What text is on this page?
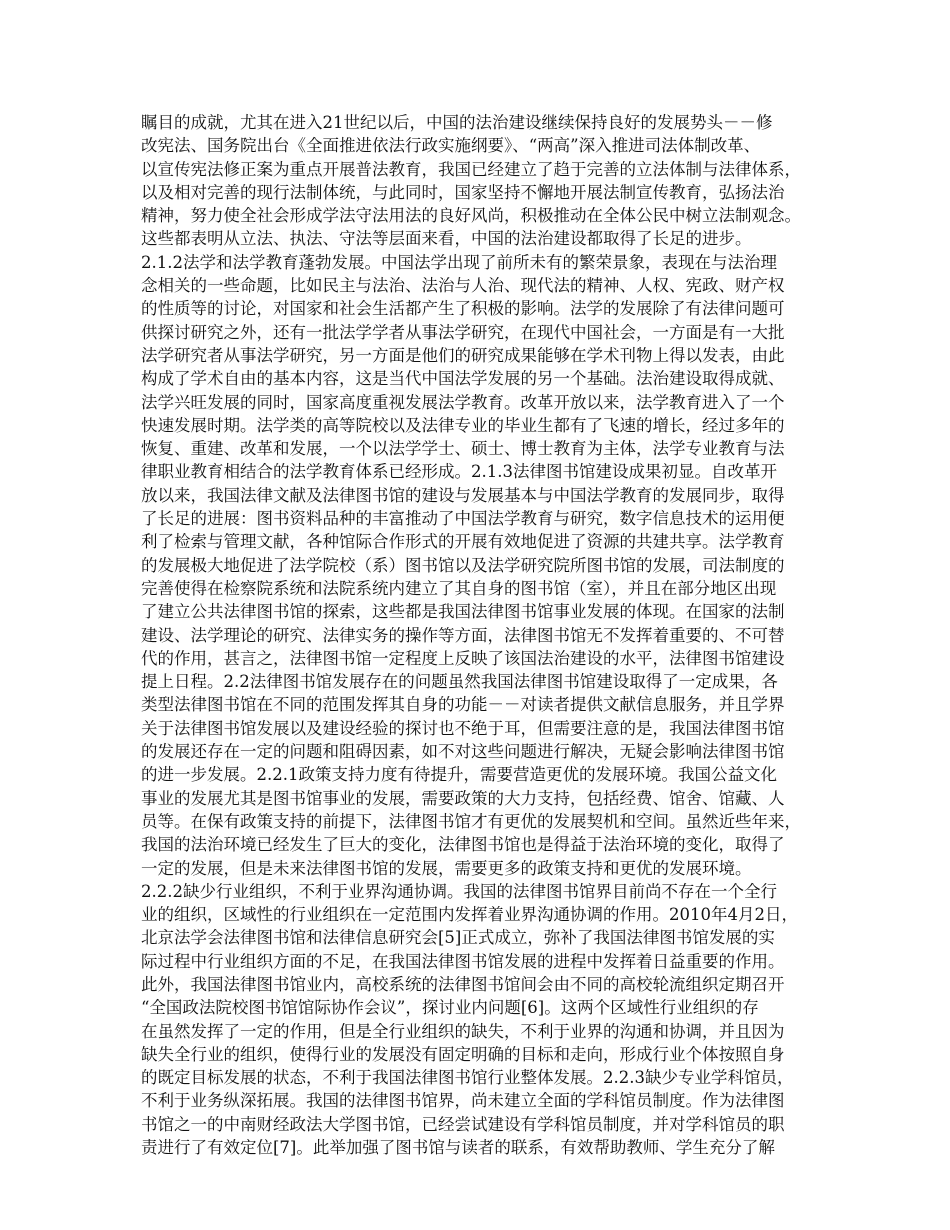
瞩目的成就，尤其在进入21世纪以后，中国的法治建设继续保持良好的发展势头－－修
改宪法、国务院出台《全面推进依法行政实施纲要》、“两高”深入推进司法体制改革、
以宣传宪法修正案为重点开展普法教育，我国已经建立了趋于完善的立法体制与法律体系，
以及相对完善的现行法制体统，与此同时，国家坚持不懈地开展法制宣传教育，弘扬法治
精神，努力使全社会形成学法守法用法的良好风尚，积极推动在全体公民中树立法制观念。
这些都表明从立法、执法、守法等层面来看，中国的法治建设都取得了长足的进步。
2.1.2法学和法学教育蓬勃发展。中国法学出现了前所未有的繁荣景象，表现在与法治理
念相关的一些命题，比如民主与法治、法治与人治、现代法的精神、人权、宪政、财产权
的性质等的讨论，对国家和社会生活都产生了积极的影响。法学的发展除了有法律问题可
供探讨研究之外，还有一批法学学者从事法学研究，在现代中国社会，一方面是有一大批
法学研究者从事法学研究，另一方面是他们的研究成果能够在学术刊物上得以发表，由此
构成了学术自由的基本内容，这是当代中国法学发展的另一个基础。法治建设取得成就、
法学兴旺发展的同时，国家高度重视发展法学教育。改革开放以来，法学教育进入了一个
快速发展时期。法学类的高等院校以及法律专业的毕业生都有了飞速的增长，经过多年的
恢复、重建、改革和发展，一个以法学学士、硕士、博士教育为主体，法学专业教育与法
律职业教育相结合的法学教育体系已经形成。2.1.3法律图书馆建设成果初显。自改革开
放以来，我国法律文献及法律图书馆的建设与发展基本与中国法学教育的发展同步，取得
了长足的进展：图书资料品种的丰富推动了中国法学教育与研究，数字信息技术的运用便
利了检索与管理文献，各种馆际合作形式的开展有效地促进了资源的共建共享。法学教育
的发展极大地促进了法学院校（系）图书馆以及法学研究院所图书馆的发展，司法制度的
完善使得在检察院系统和法院系统内建立了其自身的图书馆（室），并且在部分地区出现
了建立公共法律图书馆的探索，这些都是我国法律图书馆事业发展的体现。在国家的法制
建设、法学理论的研究、法律实务的操作等方面，法律图书馆无不发挥着重要的、不可替
代的作用，甚言之，法律图书馆一定程度上反映了该国法治建设的水平，法律图书馆建设
提上日程。2.2法律图书馆发展存在的问题虽然我国法律图书馆建设取得了一定成果，各
类型法律图书馆在不同的范围发挥其自身的功能－－对读者提供文献信息服务，并且学界
关于法律图书馆发展以及建设经验的探讨也不绝于耳，但需要注意的是，我国法律图书馆
的发展还存在一定的问题和阻碍因素，如不对这些问题进行解决，无疑会影响法律图书馆
的进一步发展。2.2.1政策支持力度有待提升，需要营造更优的发展环境。我国公益文化
事业的发展尤其是图书馆事业的发展，需要政策的大力支持，包括经费、馆舍、馆藏、人
员等。在保有政策支持的前提下，法律图书馆才有更优的发展契机和空间。虽然近些年来，
我国的法治环境已经发生了巨大的变化，法律图书馆也是得益于法治环境的变化，取得了
一定的发展，但是未来法律图书馆的发展，需要更多的政策支持和更优的发展环境。
2.2.2缺少行业组织，不利于业界沟通协调。我国的法律图书馆界目前尚不存在一个全行
业的组织，区域性的行业组织在一定范围内发挥着业界沟通协调的作用。2010年4月2日，
北京法学会法律图书馆和法律信息研究会[5]正式成立，弥补了我国法律图书馆发展的实
际过程中行业组织方面的不足，在我国法律图书馆发展的进程中发挥着日益重要的作用。
此外，我国法律图书馆业内，高校系统的法律图书馆间会由不同的高校轮流组织定期召开
“全国政法院校图书馆馆际协作会议”，探讨业内问题[6]。这两个区域性行业组织的存
在虽然发挥了一定的作用，但是全行业组织的缺失，不利于业界的沟通和协调，并且因为
缺失全行业的组织，使得行业的发展没有固定明确的目标和走向，形成行业个体按照自身
的既定目标发展的状态，不利于我国法律图书馆行业整体发展。2.2.3缺少专业学科馆员，
不利于业务纵深拓展。我国的法律图书馆界，尚未建立全面的学科馆员制度。作为法律图
书馆之一的中南财经政法大学图书馆，已经尝试建设有学科馆员制度，并对学科馆员的职
责进行了有效定位[7]。此举加强了图书馆与读者的联系，有效帮助教师、学生充分了解
